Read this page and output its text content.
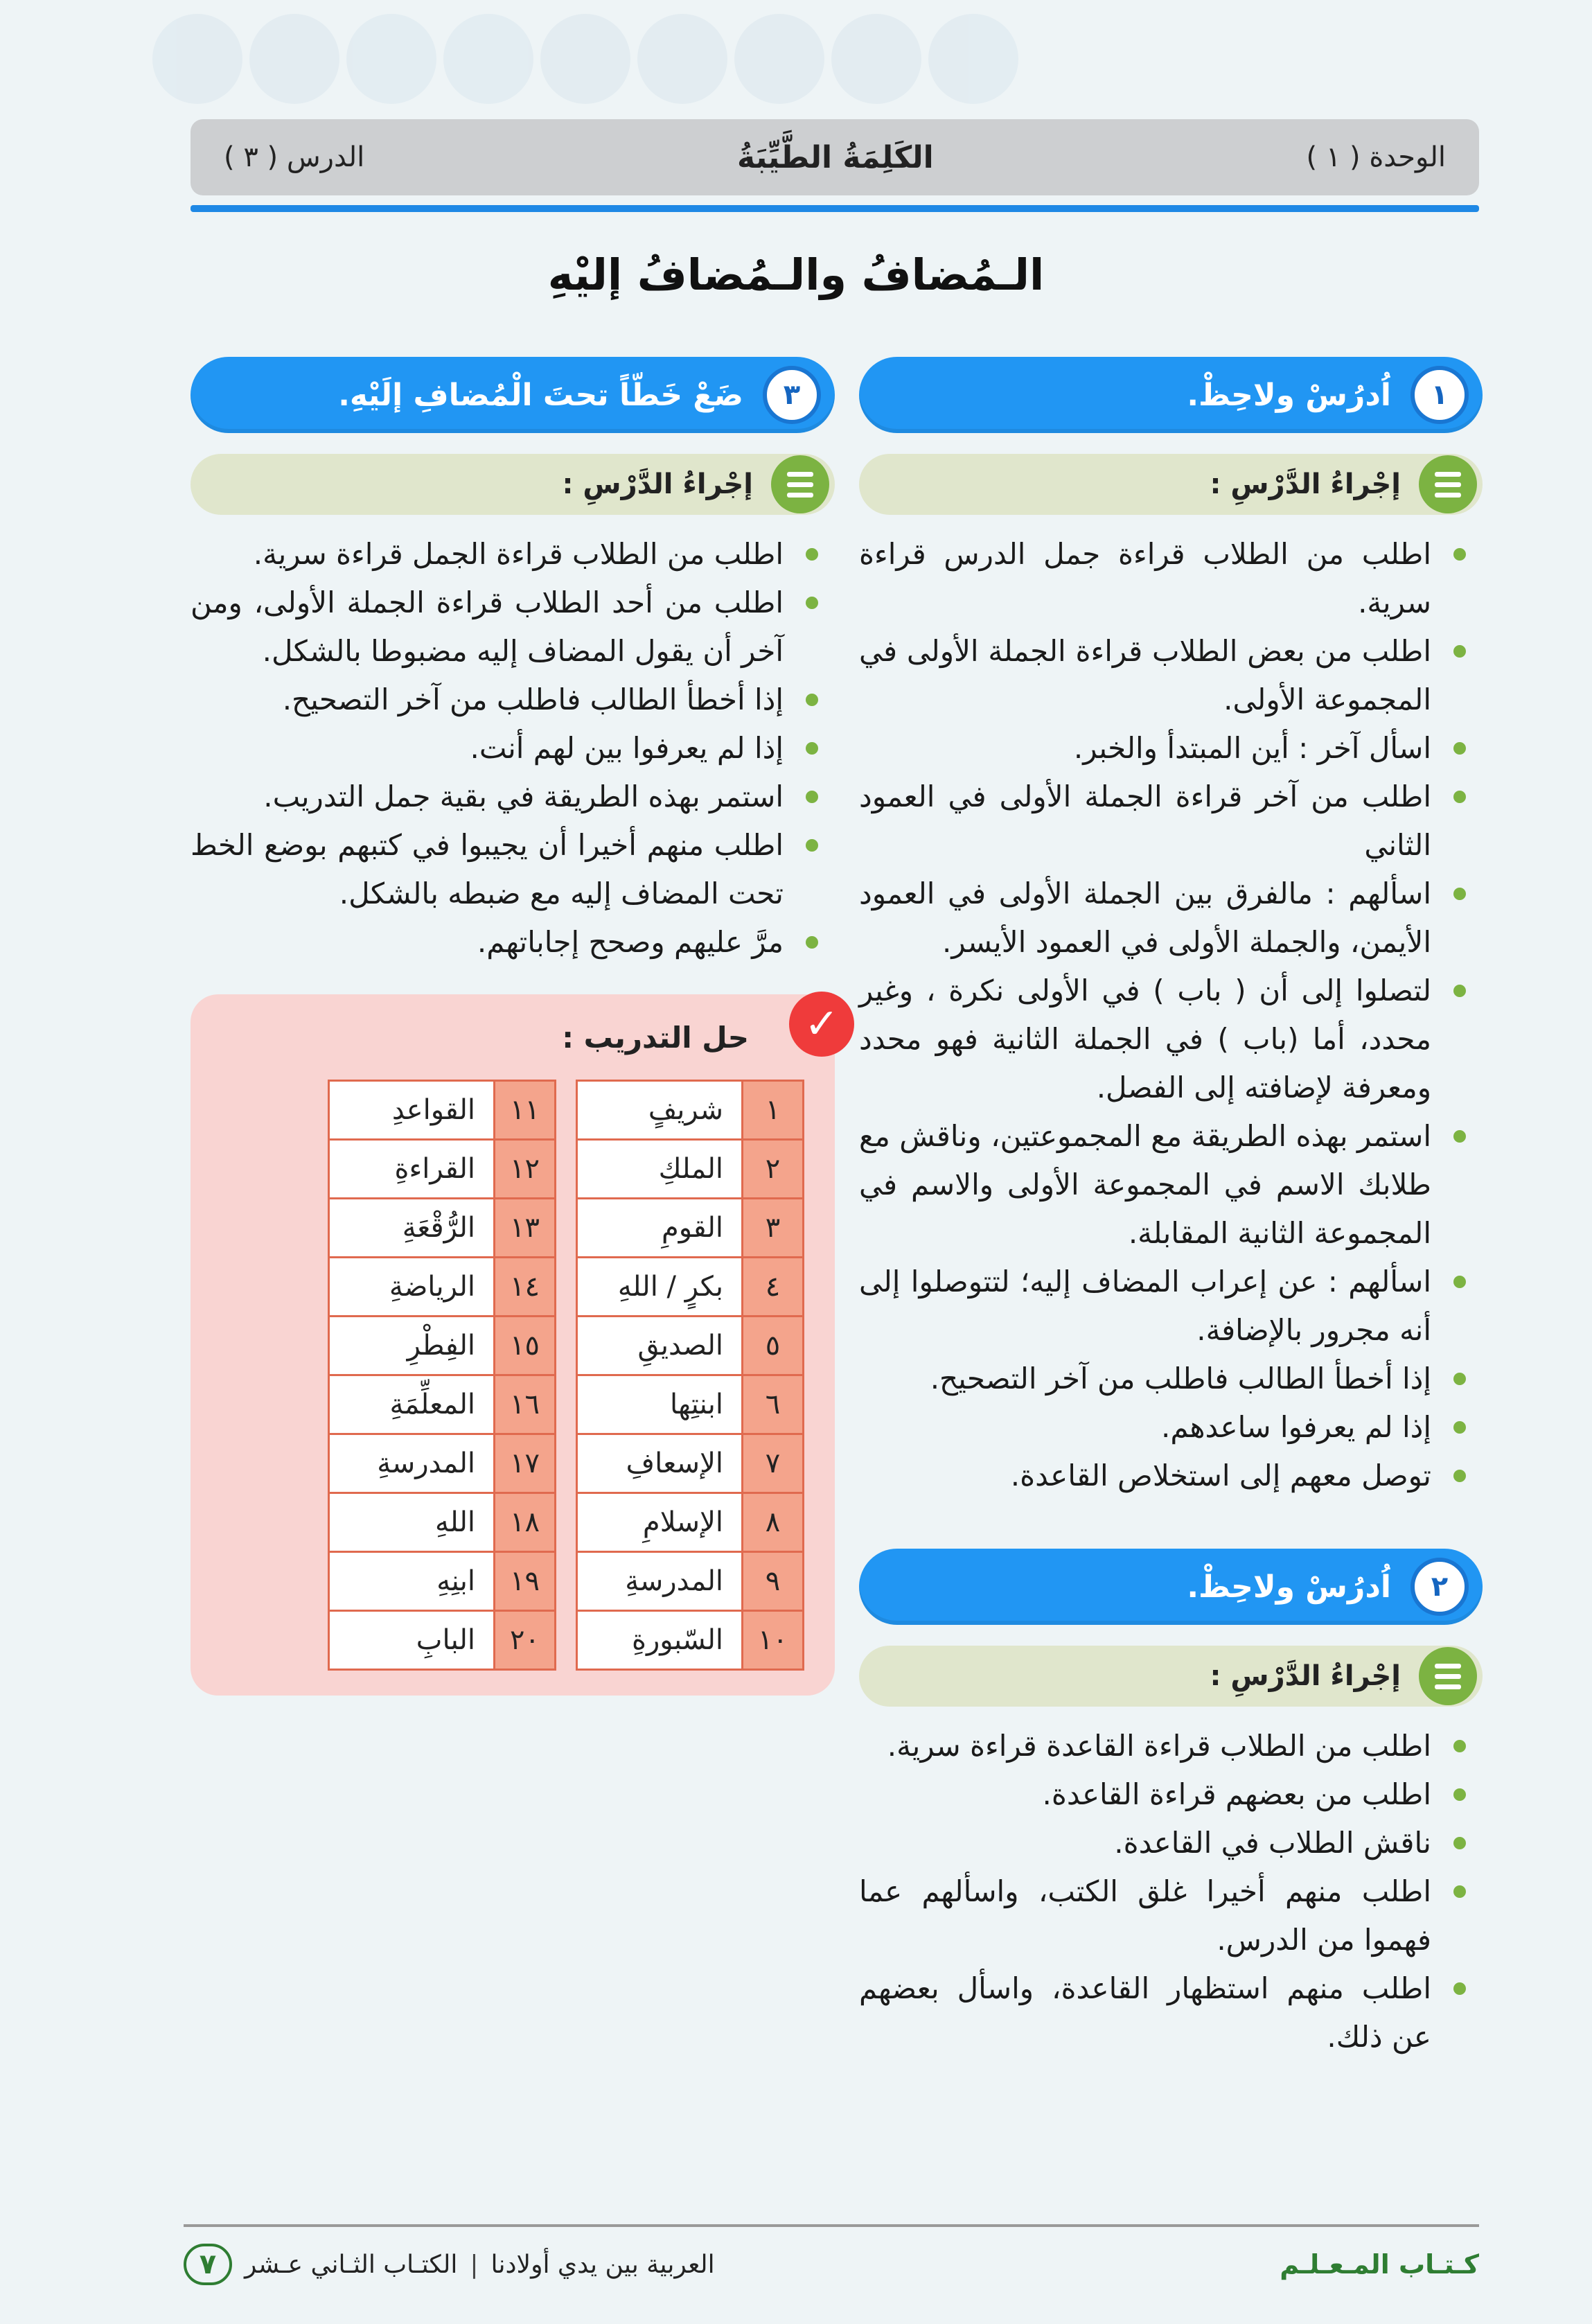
الوحدة ( ١ )
الكَلِمَةُ الطَّيِّبَةُ
الدرس ( ٣ )
الـمُضافُ والـمُضافُ إليْهِ
١
اُدرُسْ ولاحِظْ.
إجْراءُ الدَّرْسِ :
اطلب من الطلاب قراءة جمل الدرس قراءة سرية.
اطلب من بعض الطلاب قراءة الجملة الأولى في المجموعة الأولى.
اسأل آخر : أين المبتدأ والخبر.
اطلب من آخر قراءة الجملة الأولى في العمود الثاني
اسألهم : مالفرق بين الجملة الأولى في العمود الأيمن، والجملة الأولى في العمود الأيسر.
لتصلوا إلى أن ( باب ) في الأولى نكرة ، وغير محدد، أما (باب ) في الجملة الثانية فهو محدد ومعرفة لإضافته إلى الفصل.
استمر بهذه الطريقة مع المجموعتين، وناقش مع طلابك الاسم في المجموعة الأولى والاسم في المجموعة الثانية المقابلة.
اسألهم : عن إعراب المضاف إليه؛ لتتوصلوا إلى أنه مجرور بالإضافة.
إذا أخطأ الطالب فاطلب من آخر التصحيح.
إذا لم يعرفوا ساعدهم.
توصل معهم إلى استخلاص القاعدة.
٢
اُدرُسْ ولاحِظْ.
إجْراءُ الدَّرْسِ :
اطلب من الطلاب قراءة القاعدة قراءة سرية.
اطلب من بعضهم قراءة القاعدة.
ناقش الطلاب في القاعدة.
اطلب منهم أخيرا غلق الكتب، واسألهم عما فهموا من الدرس.
اطلب منهم استظهار القاعدة، واسأل بعضهم عن ذلك.
٣
ضَعْ خَطّاً تحتَ الْمُضافِ إلَيْهِ.
إجْراءُ الدَّرْسِ :
اطلب من الطلاب قراءة الجمل قراءة سرية.
اطلب من أحد الطلاب قراءة الجملة الأولى، ومن آخر أن يقول المضاف إليه مضبوطا بالشكل.
إذا أخطأ الطالب فاطلب من آخر التصحيح.
إذا لم يعرفوا بين لهم أنت.
استمر بهذه الطريقة في بقية جمل التدريب.
اطلب منهم أخيرا أن يجيبوا في كتبهم بوضع الخط تحت المضاف إليه مع ضبطه بالشكل.
مرَّ عليهم وصحح إجاباتهم.
✓
حل التدريب :
١	شريفٍ
٢	الملكِ
٣	القومِ
٤	بكرٍ / اللهِ
٥	الصديقِ
٦	ابنتِها
٧	الإسعافِ
٨	الإسلامِ
٩	المدرسةِ
١٠	السّبورةِ
١١	القواعدِ
١٢	القراءةِ
١٣	الرُّقْعَةِ
١٤	الرياضةِ
١٥	الفِطْرِ
١٦	المعلِّمَةِ
١٧	المدرسةِ
١٨	اللهِ
١٩	ابنِهِ
٢٠	البابِ
كـتـاب المـعـلـم
العربية بين يدي أولادنا
|
الكتـاب الثـاني عـشر
٧
